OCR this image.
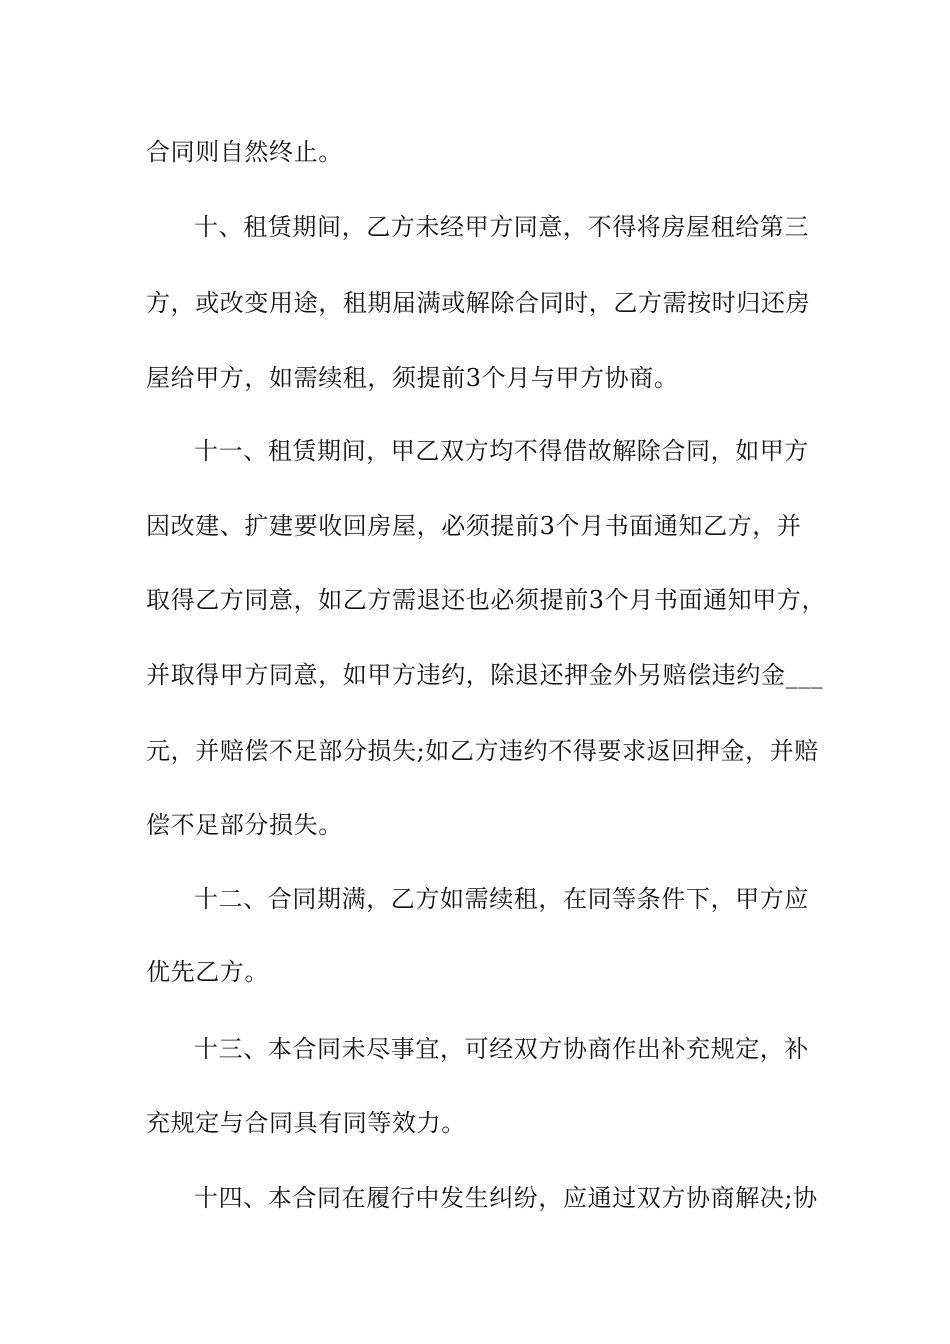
合同则自然终止。
十、租赁期间，乙方未经甲方同意，不得将房屋租给第三
方，或改变用途，租期届满或解除合同时，乙方需按时归还房
屋给甲方，如需续租，须提前3个月与甲方协商。
十一、租赁期间，甲乙双方均不得借故解除合同，如甲方
因改建、扩建要收回房屋，必须提前3个月书面通知乙方，并
取得乙方同意，如乙方需退还也必须提前3个月书面通知甲方，
并取得甲方同意，如甲方违约，除退还押金外另赔偿违约金___
元，并赔偿不足部分损失;如乙方违约不得要求返回押金，并赔
偿不足部分损失。
十二、合同期满，乙方如需续租，在同等条件下，甲方应
优先乙方。
十三、本合同未尽事宜，可经双方协商作出补充规定，补
充规定与合同具有同等效力。
十四、本合同在履行中发生纠纷，应通过双方协商解决;协
